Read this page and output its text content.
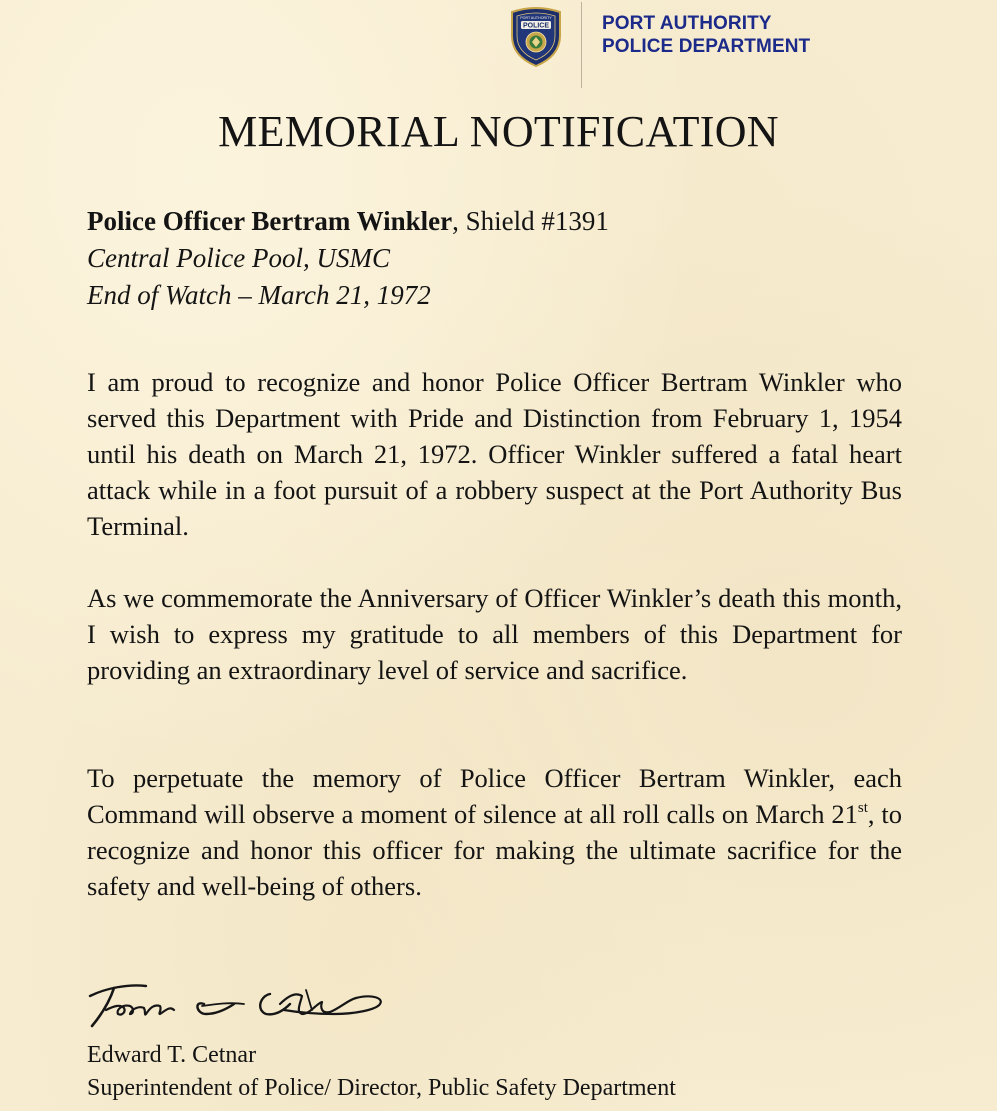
POLICE
PORT AUTHORITY	PORT AUTHORITY
POLICE DEPARTMENT
MEMORIAL NOTIFICATION
Police Officer Bertram Winkler, Shield #1391
Central Police Pool, USMC
End of Watch – March 21, 1972

I am proud to recognize and honor Police Officer Bertram Winkler who served this Department with Pride and Distinction from February 1, 1954 until his death on March 21, 1972. Officer Winkler suffered a fatal heart attack while in a foot pursuit of a robbery suspect at the Port Authority Bus Terminal.

As we commemorate the Anniversary of Officer Winkler’s death this month, I wish to express my gratitude to all members of this Department for providing an extraordinary level of service and sacrifice.

To perpetuate the memory of Police Officer Bertram Winkler, each Command will observe a moment of silence at all roll calls on March 21st, to recognize and honor this officer for making the ultimate sacrifice for the safety and well-being of others.

Edward T. Cetnar
Superintendent of Police/ Director, Public Safety Department
